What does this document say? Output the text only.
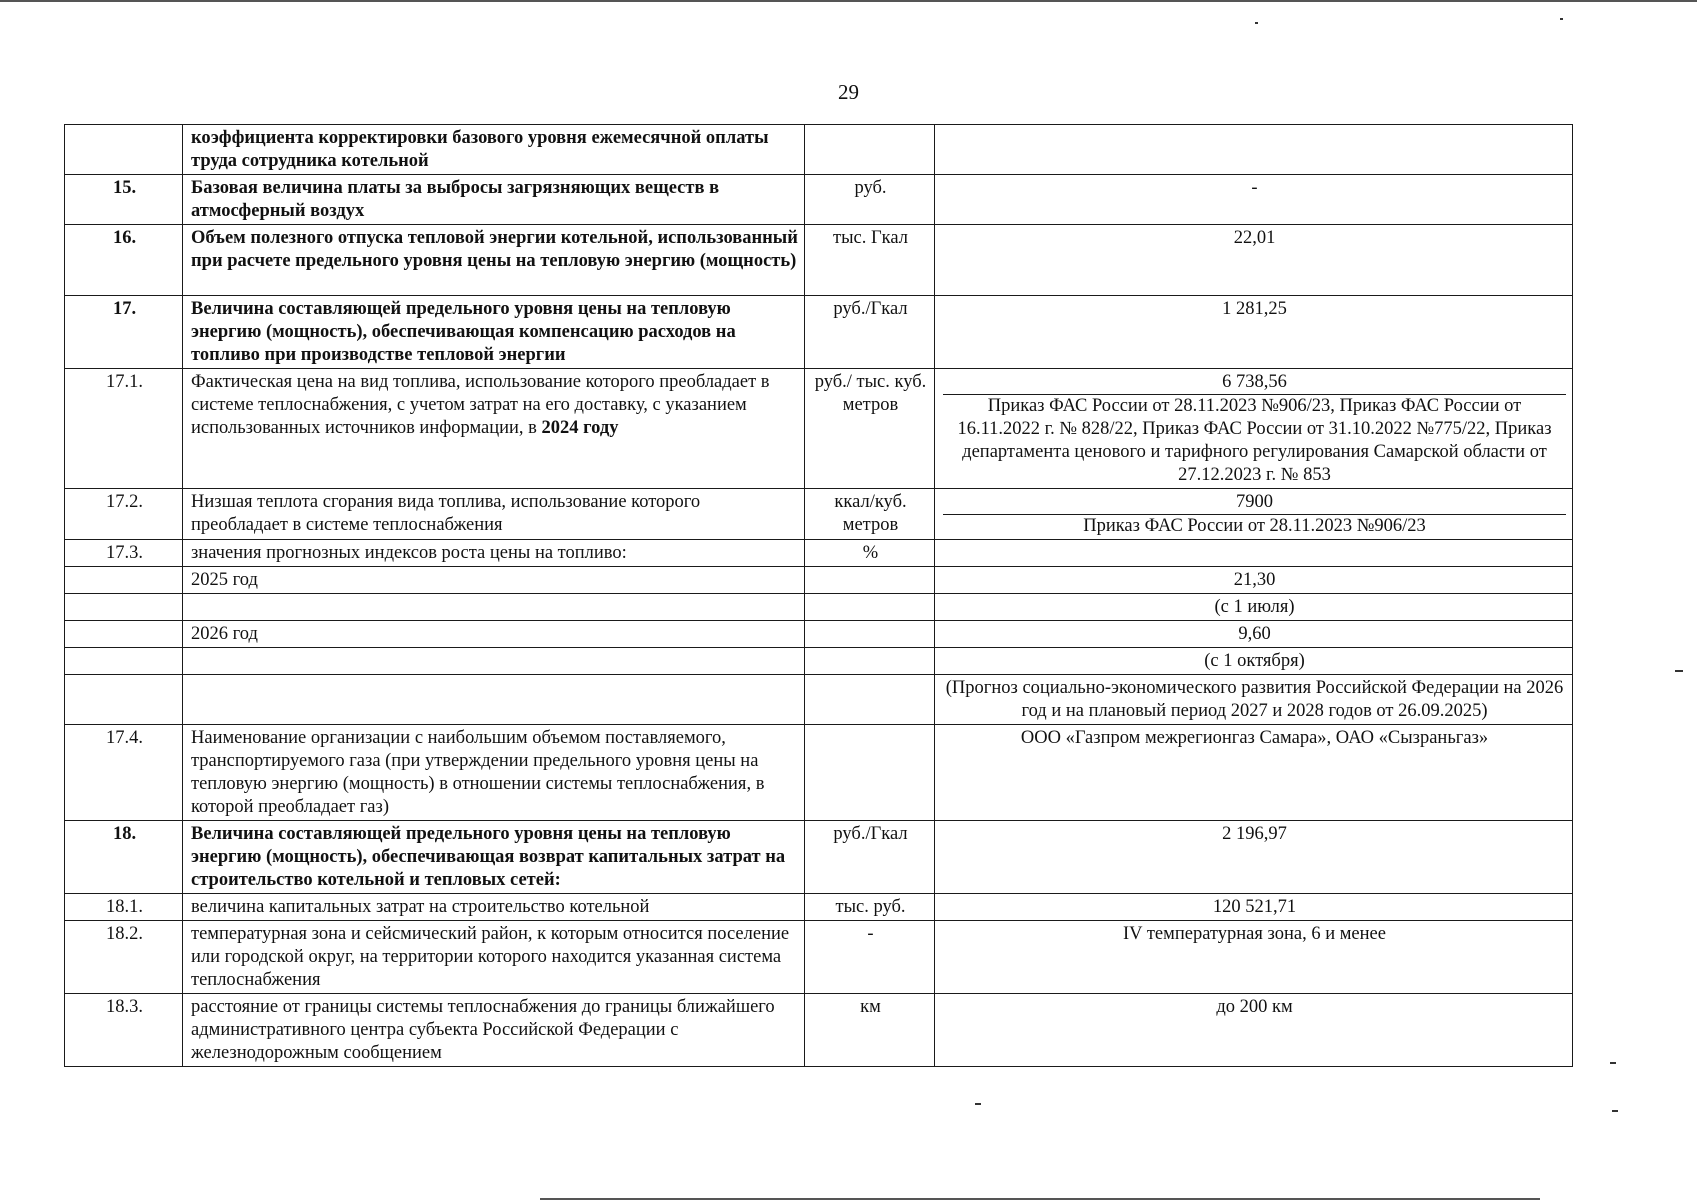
29
	коэффициента корректировки базового уровня ежемесячной оплаты труда сотрудника котельной		
15.	Базовая величина платы за выбросы загрязняющих веществ в атмосферный воздух	руб.	-
16.	Объем полезного отпуска тепловой энергии котельной, использованный при расчете предельного уровня цены на тепловую энергию (мощность)	тыс. Гкал	22,01
17.	Величина составляющей предельного уровня цены на тепловую энергию (мощность), обеспечивающая компенсацию расходов на топливо при производстве тепловой энергии	руб./Гкал	1 281,25
17.1.	Фактическая цена на вид топлива, использование которого преобладает в системе теплоснабжения, с учетом затрат на его доставку, с указанием использованных источников информации, в 2024 году	руб./ тыс. куб. метров	6 738,56
Приказ ФАС России от 28.11.2023 №906/23, Приказ ФАС России от 16.11.2022 г. № 828/22, Приказ ФАС России от 31.10.2022 №775/22, Приказ департамента ценового и тарифного регулирования Самарской области от 27.12.2023 г. № 853

17.2.	Низшая теплота сгорания вида топлива, использование которого преобладает в системе теплоснабжения	ккал/куб. метров	7900
Приказ ФАС России от 28.11.2023 №906/23

17.3.	значения прогнозных индексов роста цены на топливо:	%	
	2025 год		21,30
			(с 1 июля)
	2026 год		9,60
			(с 1 октября)
			(Прогноз социально-экономического развития Российской Федерации на 2026 год и на плановый период 2027 и 2028 годов от 26.09.2025)
17.4.	Наименование организации с наибольшим объемом поставляемого, транспортируемого газа (при утверждении предельного уровня цены на тепловую энергию (мощность) в отношении системы теплоснабжения, в которой преобладает газ)		ООО «Газпром межрегионгаз Самара», ОАО «Сызраньгаз»
18.	Величина составляющей предельного уровня цены на тепловую энергию (мощность), обеспечивающая возврат капитальных затрат на строительство котельной и тепловых сетей:	руб./Гкал	2 196,97
18.1.	величина капитальных затрат на строительство котельной	тыс. руб.	120 521,71
18.2.	температурная зона и сейсмический район, к которым относится поселение или городской округ, на территории которого находится указанная система теплоснабжения	-	IV температурная зона, 6 и менее
18.3.	расстояние от границы системы теплоснабжения до границы ближайшего административного центра субъекта Российской Федерации с железнодорожным сообщением	км	до 200 км
